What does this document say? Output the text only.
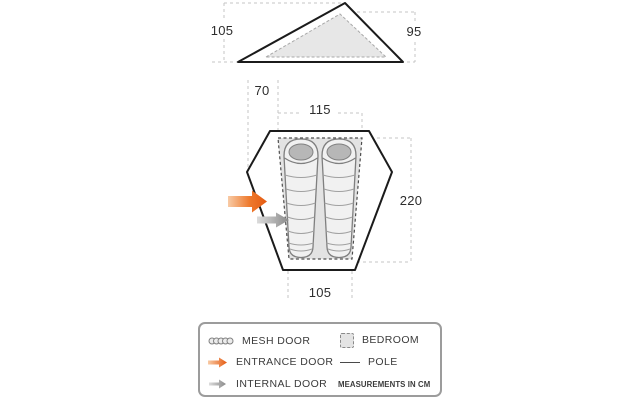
105	95
70
115
220
105
MESH DOOR
ENTRANCE DOOR
INTERNAL DOOR
BEDROOM
POLE
MEASUREMENTS IN CM
